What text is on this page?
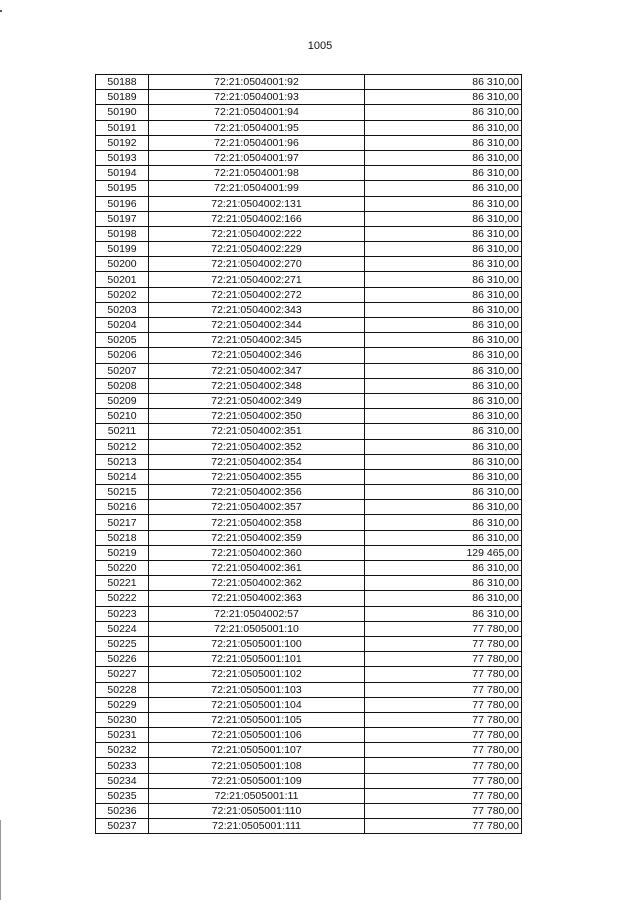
1005
50188	72:21:0504001:92	86 310,00
50189	72:21:0504001:93	86 310,00
50190	72:21:0504001:94	86 310,00
50191	72:21:0504001:95	86 310,00
50192	72:21:0504001:96	86 310,00
50193	72:21:0504001:97	86 310,00
50194	72:21:0504001:98	86 310,00
50195	72:21:0504001:99	86 310,00
50196	72:21:0504002:131	86 310,00
50197	72:21:0504002:166	86 310,00
50198	72:21:0504002:222	86 310,00
50199	72:21:0504002:229	86 310,00
50200	72:21:0504002:270	86 310,00
50201	72:21:0504002:271	86 310,00
50202	72:21:0504002:272	86 310,00
50203	72:21:0504002:343	86 310,00
50204	72:21:0504002:344	86 310,00
50205	72:21:0504002:345	86 310,00
50206	72:21:0504002:346	86 310,00
50207	72:21:0504002:347	86 310,00
50208	72:21:0504002:348	86 310,00
50209	72:21:0504002:349	86 310,00
50210	72:21:0504002:350	86 310,00
50211	72:21:0504002:351	86 310,00
50212	72:21:0504002:352	86 310,00
50213	72:21:0504002:354	86 310,00
50214	72:21:0504002:355	86 310,00
50215	72:21:0504002:356	86 310,00
50216	72:21:0504002:357	86 310,00
50217	72:21:0504002:358	86 310,00
50218	72:21:0504002:359	86 310,00
50219	72:21:0504002:360	129 465,00
50220	72:21:0504002:361	86 310,00
50221	72:21:0504002:362	86 310,00
50222	72:21:0504002:363	86 310,00
50223	72:21:0504002:57	86 310,00
50224	72:21:0505001:10	77 780,00
50225	72:21:0505001:100	77 780,00
50226	72:21:0505001:101	77 780,00
50227	72:21:0505001:102	77 780,00
50228	72:21:0505001:103	77 780,00
50229	72:21:0505001:104	77 780,00
50230	72:21:0505001:105	77 780,00
50231	72:21:0505001:106	77 780,00
50232	72:21:0505001:107	77 780,00
50233	72:21:0505001:108	77 780,00
50234	72:21:0505001:109	77 780,00
50235	72:21:0505001:11	77 780,00
50236	72:21:0505001:110	77 780,00
50237	72:21:0505001:111	77 780,00
